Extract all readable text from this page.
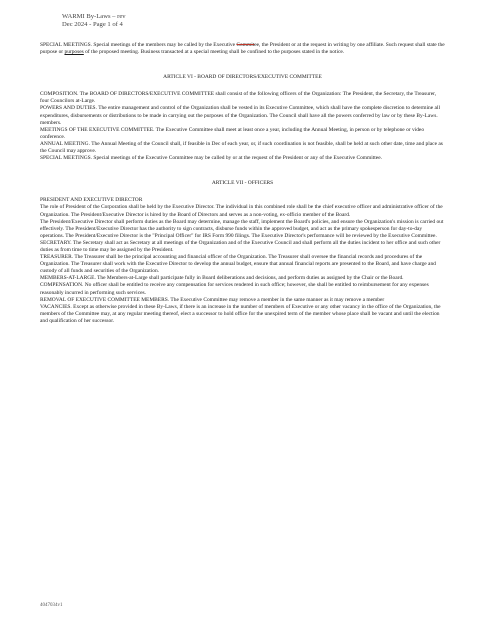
WARMI By-Laws – rev
Dec 2024 - Page 1 of 4

SPECIAL MEETINGS. Special meetings of the members may be called by the Executive Commitee, the President or at the request in writing by one affiliate. Such request shall state the purpose or purposes of the proposed meeting. Business transacted at a special meeting shall be confined to the purposes stated in the notice.

ARTICLE VI - BOARD OF DIRECTORS/EXECUTIVE COMMITTEE

COMPOSITION. The BOARD OF DIRECTORS/EXECUTIVE COMMITTEE shall consist of the following officers of the Organization: The President, the Secretary, the Treasurer, four Councilors at-Large.

POWERS AND DUTIES. The entire management and control of the Organization shall be vested in its Executive Committee, which shall have the complete discretion to determine all expenditures, disbursements or distributions to be made in carrying out the purposes of the Organization. The Council shall have all the powers conferred by law or by these By-Laws.

members.

MEETINGS OF THE EXECUTIVE COMMITTEE. The Executive Committee shall meet at least once a year, including the Annual Meeting, in person or by telephone or video conference.

ANNUAL MEETING. The Annual Meeting of the Council shall, if feasible in Dec of each year, or, if such coordination is not feasible, shall be held at such other date, time and place as the Council may approve.

SPECIAL MEETINGS. Special meetings of the Executive Committee may be called by or at the request of the President or any of the Executive Committee.

ARTICLE VII - OFFICERS

PRESIDENT AND EXECUTIVE DIRECTOR

The role of President of the Corporation shall be held by the Executive Director. The individual in this combined role shall be the chief executive officer and administrative officer of the Organization. The President/Executive Director is hired by the Board of Directors and serves as a non-voting, ex-officio member of the Board.

The President/Executive Director shall perform duties as the Board may determine, manage the staff, implement the Board's policies, and ensure the Organization's mission is carried out effectively. The President/Executive Director has the authority to sign contracts, disburse funds within the approved budget, and act as the primary spokesperson for day-to-day operations. The President/Executive Director is the "Principal Officer" for IRS Form 990 filings. The Executive Director's performance will be reviewed by the Executive Committee.

SECRETARY. The Secretary shall act as Secretary at all meetings of the Organization and of the Executive Council and shall perform all the duties incident to her office and such other duties as from time to time may be assigned by the President.

TREASURER. The Treasurer shall be the principal accounting and financial officer of the Organization. The Treasurer shall oversee the financial records and procedures of the Organization. The Treasurer shall work with the Executive Director to develop the annual budget, ensure that annual financial reports are presented to the Board, and have charge and custody of all funds and securities of the Organization.

MEMBERS-AT-LARGE. The Members-at-Large shall participate fully in Board deliberations and decisions, and perform duties as assigned by the Chair or the Board.

COMPENSATION. No officer shall be entitled to receive any compensation for services rendered in such office; however, she shall be entitled to reimbursement for any expenses reasonably incurred in performing such services.

REMOVAL OF EXECUTIVE COMMITTEE MEMBERS. The Executive Committee may remove a member in the same manner as it may remove a member

VACANCIES. Except as otherwise provided in these By-Laws, if there is an increase in the number of members of Executive or any other vacancy in the office of the Organization, the members of the Committee may, at any regular meeting thereof, elect a successor to hold office for the unexpired term of the member whose place shall be vacant and until the election and qualification of her successor.

4047034v1
